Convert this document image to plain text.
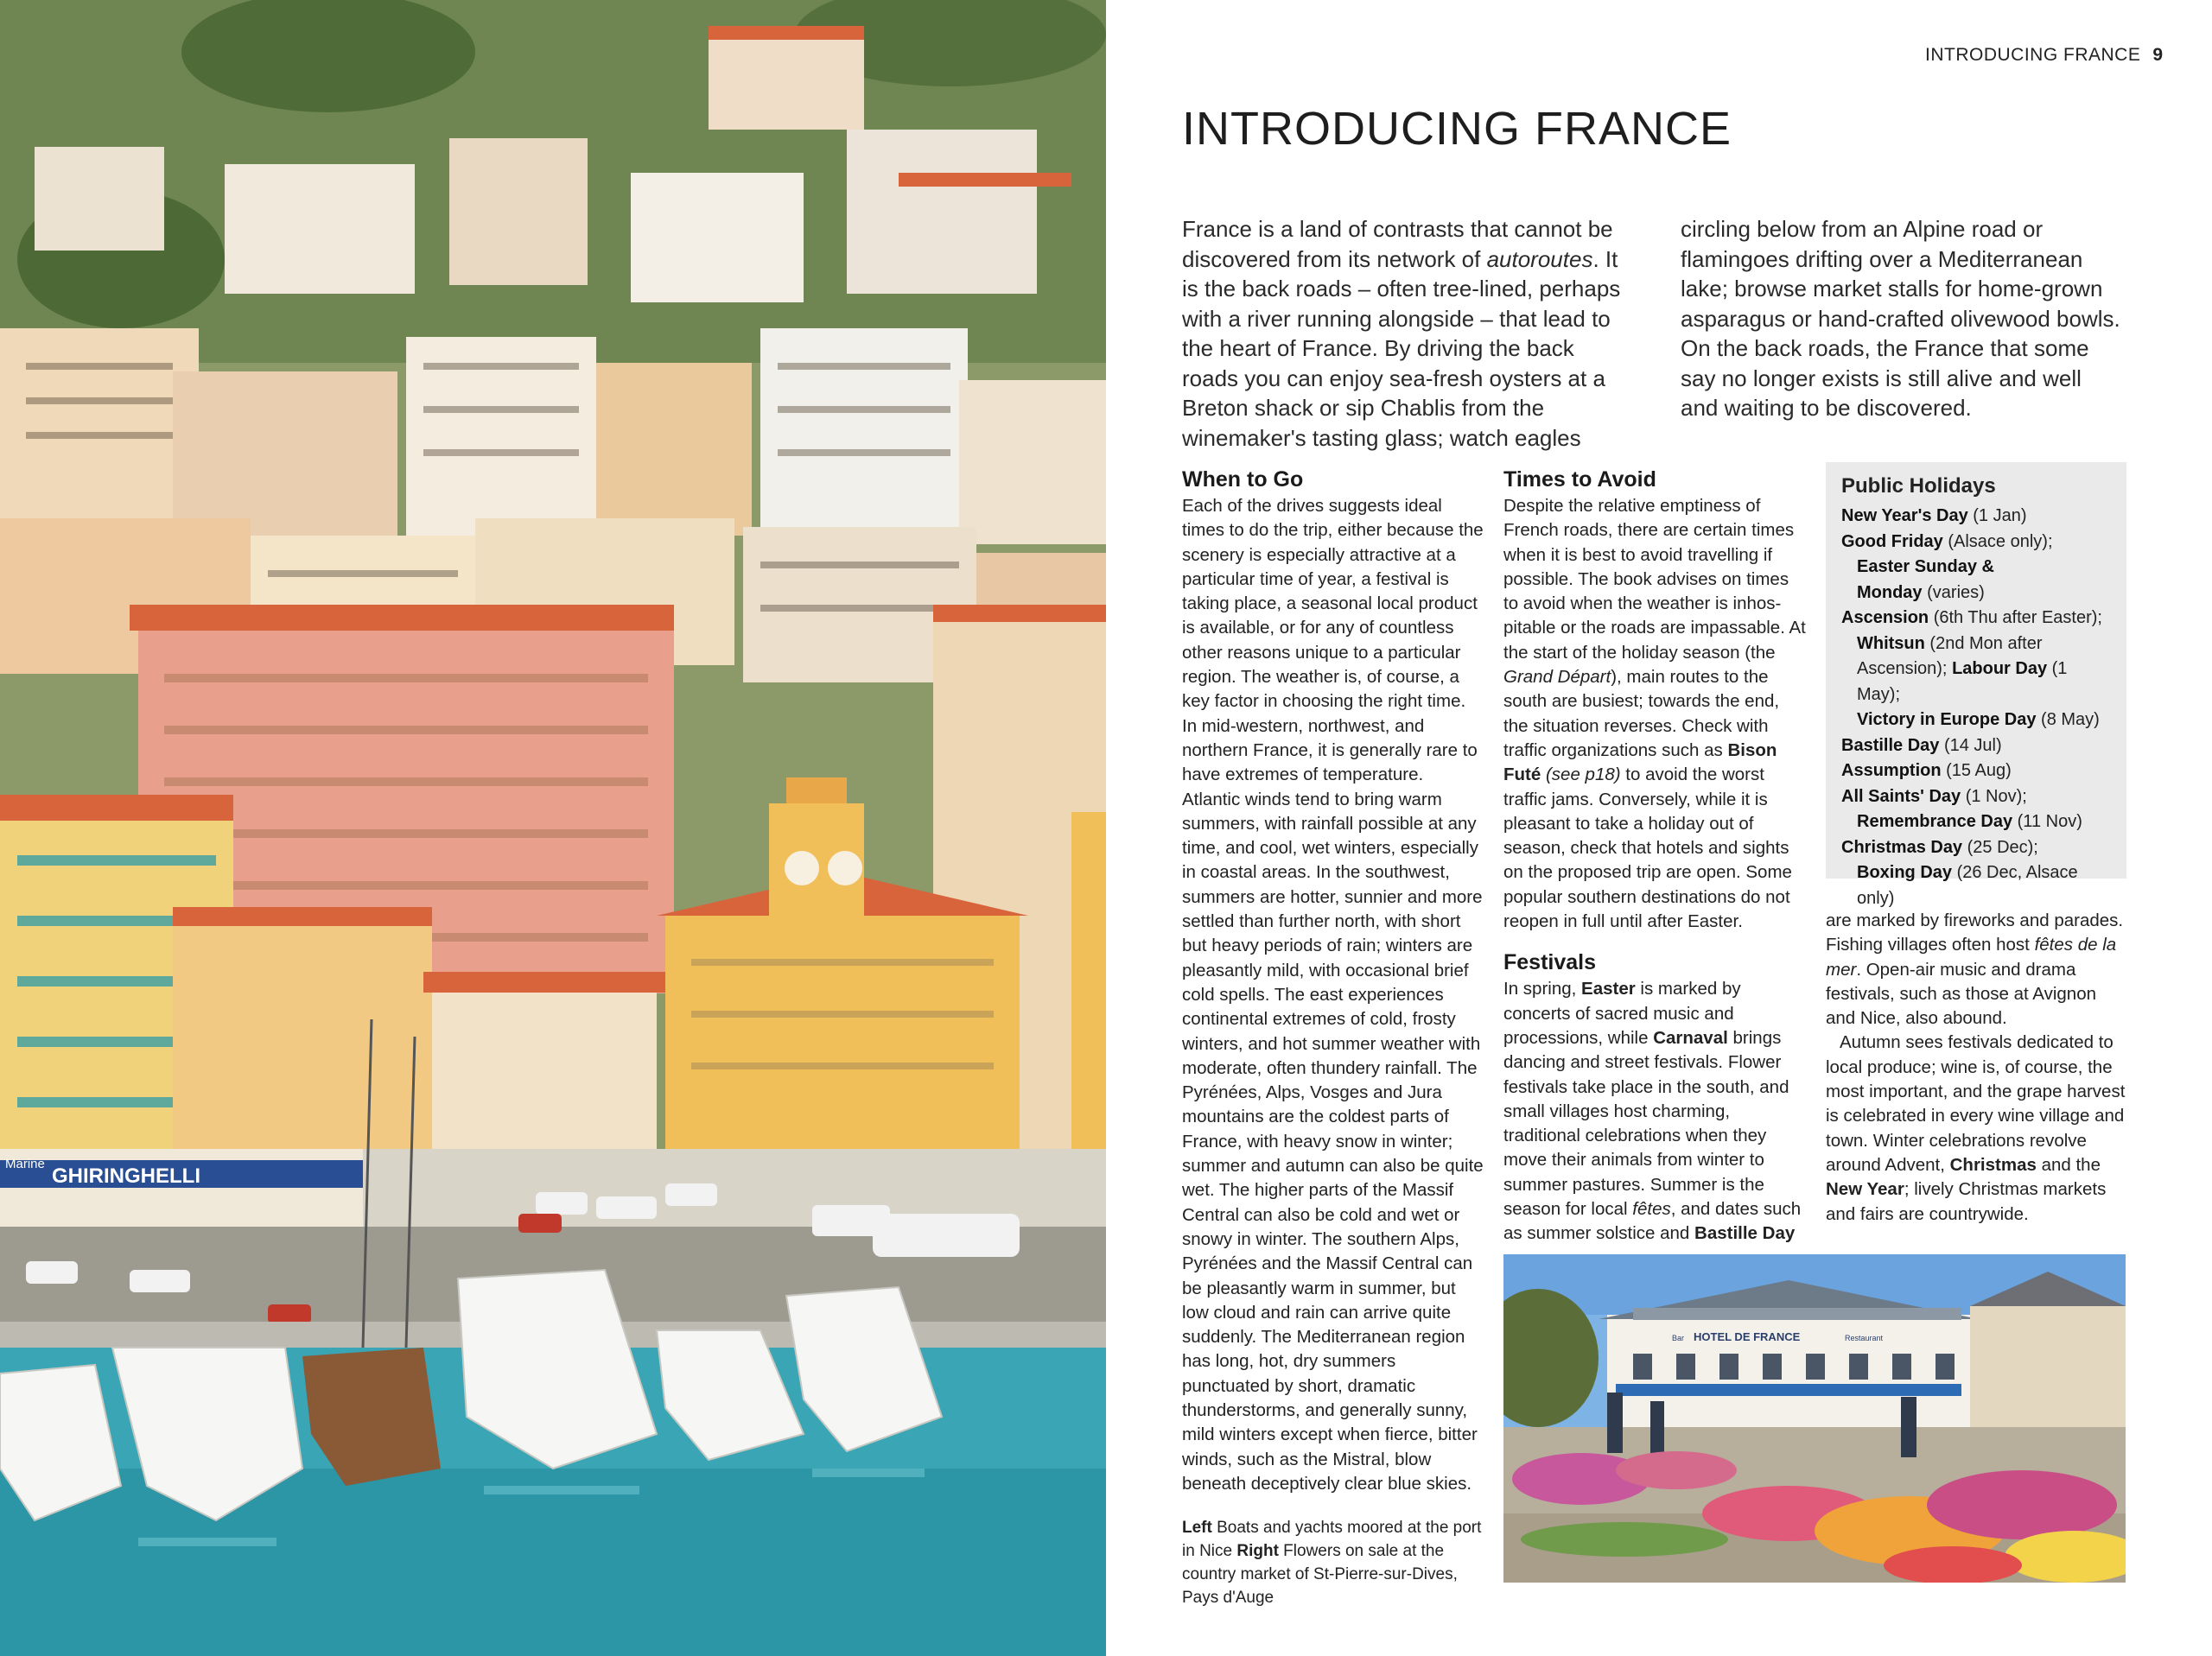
Marine
GHIRINGHELLI
INTRODUCING FRANCE 9
INTRODUCING FRANCE

France is a land of contrasts that cannot be discovered from its network of autoroutes. It is the back roads – often tree-lined, perhaps with a river running alongside – that lead to the heart of France. By driving the back roads you can enjoy sea-fresh oysters at a Breton shack or sip Chablis from the winemaker's tasting glass; watch eagles circling below from an Alpine road or flamingoes drifting over a Mediterranean lake; browse market stalls for home-grown asparagus or hand-crafted olivewood bowls. On the back roads, the France that some say no longer exists is still alive and well and waiting to be discovered.

When to Go

Each of the drives suggests ideal times to do the trip, either because the scenery is especially attractive at a particular time of year, a festival is taking place, a seasonal local product is available, or for any of countless other reasons unique to a particular region. The weather is, of course, a key factor in choosing the right time. In mid-western, northwest, and northern France, it is generally rare to have extremes of temperature. Atlantic winds tend to bring warm summers, with rainfall possible at any time, and cool, wet winters, especially in coastal areas. In the southwest, summers are hotter, sunnier and more settled than further north, with short but heavy periods of rain; winters are pleasantly mild, with occasional brief cold spells. The east experiences continental extremes of cold, frosty winters, and hot summer weather with moderate, often thundery rainfall. The Pyrénées, Alps, Vosges and Jura mountains are the coldest parts of France, with heavy snow in winter; summer and autumn can also be quite wet. The higher parts of the Massif Central can also be cold and wet or snowy in winter. The southern Alps, Pyrénées and the Massif Central can be pleasantly warm in summer, but low cloud and rain can arrive quite suddenly. The Mediterranean region has long, hot, dry summers punctuated by short, dramatic thunderstorms, and generally sunny, mild winters except when fierce, bitter winds, such as the Mistral, blow beneath deceptively clear blue skies.

Times to Avoid

Despite the relative emptiness of French roads, there are certain times when it is best to avoid travelling if possible. The book advises on times to avoid when the weather is inhos-pitable or the roads are impassable. At the start of the holiday season (the Grand Départ), main routes to the south are busiest; towards the end, the situation reverses. Check with traffic organizations such as Bison Futé (see p18) to avoid the worst traffic jams. Conversely, while it is pleasant to take a holiday out of season, check that hotels and sights on the proposed trip are open. Some popular southern destinations do not reopen in full until after Easter.

Festivals

In spring, Easter is marked by concerts of sacred music and processions, while Carnaval brings dancing and street festivals. Flower festivals take place in the south, and small villages host charming, traditional celebrations when they move their animals from winter to summer pastures. Summer is the season for local fêtes, and dates such as summer solstice and Bastille Day

Public Holidays

New Year's Day (1 Jan)

Good Friday (Alsace only);

Easter Sunday &

Monday (varies)

Ascension (6th Thu after Easter);

Whitsun (2nd Mon after

Ascension); Labour Day (1 May);

Victory in Europe Day (8 May)

Bastille Day (14 Jul)

Assumption (15 Aug)

All Saints' Day (1 Nov);

Remembrance Day (11 Nov)

Christmas Day (25 Dec);

Boxing Day (26 Dec, Alsace only)

are marked by fireworks and parades. Fishing villages often host fêtes de la mer. Open-air music and drama festivals, such as those at Avignon and Nice, also abound.

Autumn sees festivals dedicated to local produce; wine is, of course, the most important, and the grape harvest is celebrated in every wine village and town. Winter celebrations revolve around Advent, Christmas and the New Year; lively Christmas markets and fairs are countrywide.

HOTEL DE FRANCE
Bar	Restaurant
Left Boats and yachts moored at the port in Nice Right Flowers on sale at the country market of St-Pierre-sur-Dives, Pays d'Auge
